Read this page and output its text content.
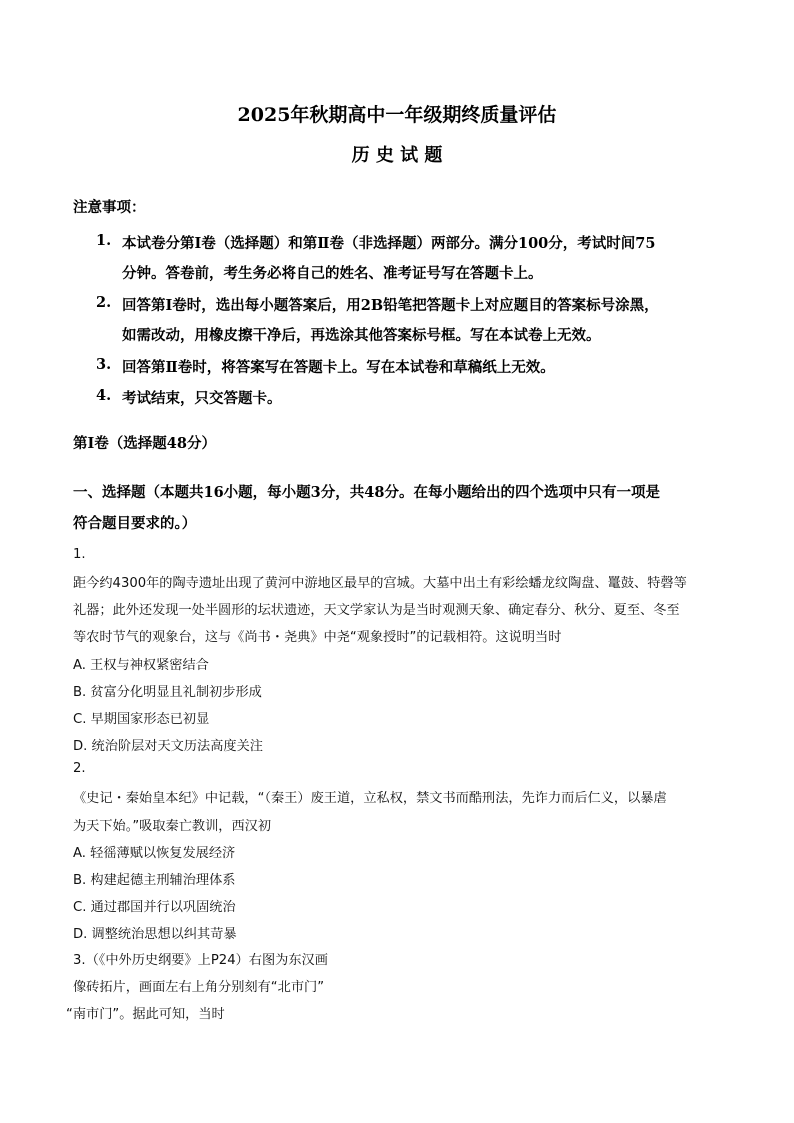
2025年秋期高中一年级期终质量评估
历 史 试 题
注意事项：
1. 本试卷分第Ⅰ卷（选择题）和第Ⅱ卷（非选择题）两部分。满分100分，考试时间75
分钟。答卷前，考生务必将自己的姓名、准考证号写在答题卡上。
2. 回答第Ⅰ卷时，选出每小题答案后，用2B铅笔把答题卡上对应题目的答案标号涂黑，
如需改动，用橡皮擦干净后，再选涂其他答案标号框。写在本试卷上无效。
3. 回答第Ⅱ卷时，将答案写在答题卡上。写在本试卷和草稿纸上无效。
4. 考试结束，只交答题卡。
第Ⅰ卷（选择题48分）
一、选择题（本题共16小题，每小题3分，共48分。在每小题给出的四个选项中只有一项是
符合题目要求的。）
1.
距今约4300年的陶寺遗址出现了黄河中游地区最早的宫城。大墓中出土有彩绘蟠龙纹陶盘、鼍鼓、特磬等
礼器；此外还发现一处半圆形的坛状遗迹，天文学家认为是当时观测天象、确定春分、秋分、夏至、冬至
等农时节气的观象台，这与《尚书・尧典》中尧“观象授时”的记载相符。这说明当时
A. 王权与神权紧密结合
B. 贫富分化明显且礼制初步形成
C. 早期国家形态已初显
D. 统治阶层对天文历法高度关注
2.
《史记・秦始皇本纪》中记载，“（秦王）废王道，立私权，禁文书而酷刑法，先诈力而后仁义，以暴虐
为天下始。”吸取秦亡教训，西汉初
A. 轻徭薄赋以恢复发展经济
B. 构建起德主刑辅治理体系
C. 通过郡国并行以巩固统治
D. 调整统治思想以纠其苛暴
3.（《中外历史纲要》上P24）右图为东汉画
像砖拓片，画面左右上角分别刻有“北市门”
“南市门”。据此可知，当时
